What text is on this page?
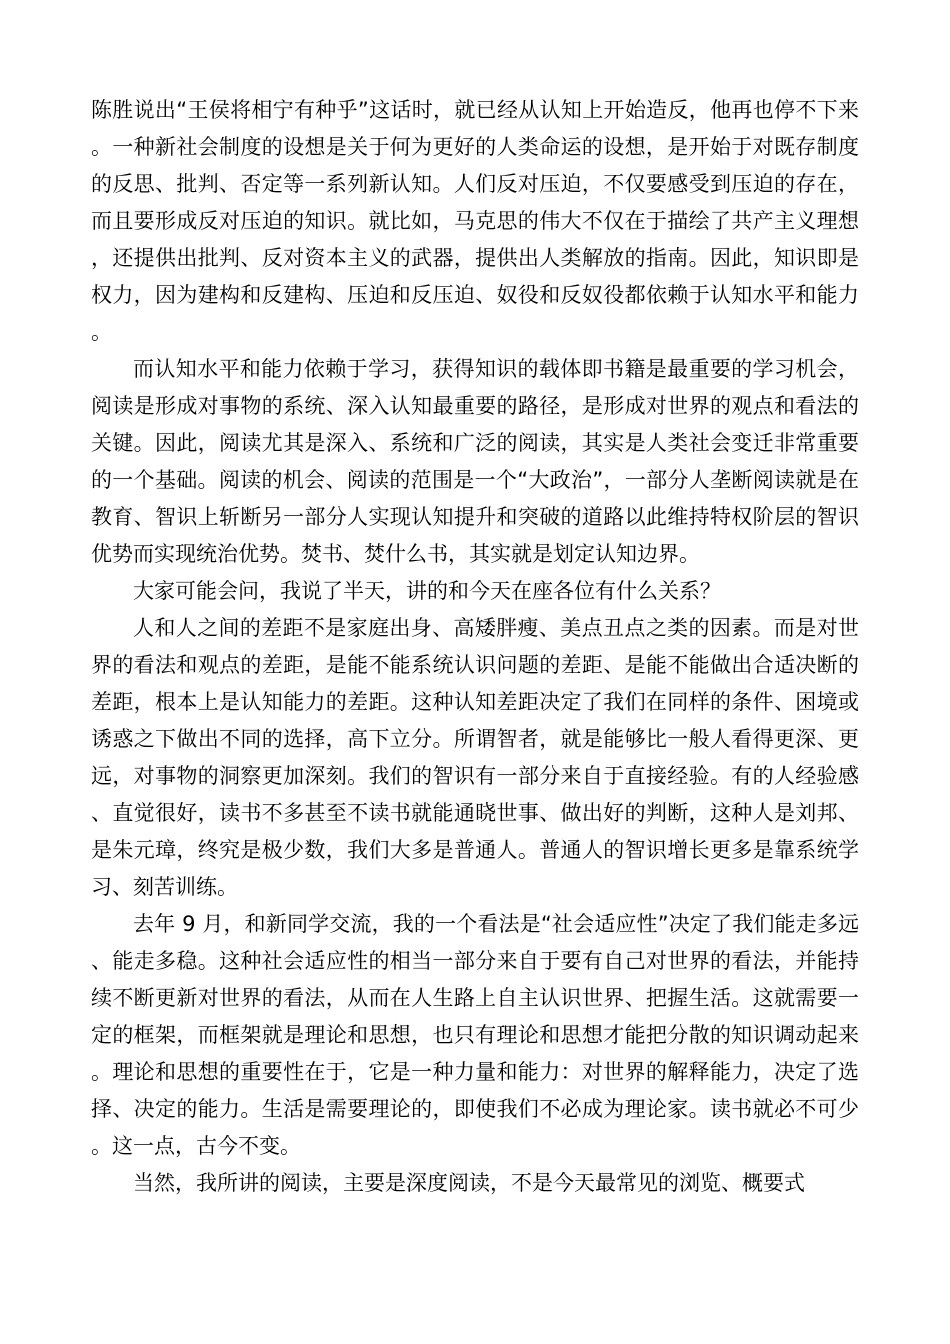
陈胜说出“王侯将相宁有种乎”这话时，就已经从认知上开始造反，他再也停不下来。一种新社会制度的设想是关于何为更好的人类命运的设想，是开始于对既存制度的反思、批判、否定等一系列新认知。人们反对压迫，不仅要感受到压迫的存在，而且要形成反对压迫的知识。就比如，马克思的伟大不仅在于描绘了共产主义理想，还提供出批判、反对资本主义的武器，提供出人类解放的指南。因此，知识即是权力，因为建构和反建构、压迫和反压迫、奴役和反奴役都依赖于认知水平和能力。

而认知水平和能力依赖于学习，获得知识的载体即书籍是最重要的学习机会，阅读是形成对事物的系统、深入认知最重要的路径，是形成对世界的观点和看法的关键。因此，阅读尤其是深入、系统和广泛的阅读，其实是人类社会变迁非常重要的一个基础。阅读的机会、阅读的范围是一个“大政治”，一部分人垄断阅读就是在教育、智识上斩断另一部分人实现认知提升和突破的道路以此维持特权阶层的智识优势而实现统治优势。焚书、焚什么书，其实就是划定认知边界。

大家可能会问，我说了半天，讲的和今天在座各位有什么关系？

人和人之间的差距不是家庭出身、高矮胖瘦、美点丑点之类的因素。而是对世界的看法和观点的差距，是能不能系统认识问题的差距、是能不能做出合适决断的差距，根本上是认知能力的差距。这种认知差距决定了我们在同样的条件、困境或诱惑之下做出不同的选择，高下立分。所谓智者，就是能够比一般人看得更深、更远，对事物的洞察更加深刻。我们的智识有一部分来自于直接经验。有的人经验感、直觉很好，读书不多甚至不读书就能通晓世事、做出好的判断，这种人是刘邦、是朱元璋，终究是极少数，我们大多是普通人。普通人的智识增长更多是靠系统学习、刻苦训练。

去年 9 月，和新同学交流，我的一个看法是“社会适应性”决定了我们能走多远、能走多稳。这种社会适应性的相当一部分来自于要有自己对世界的看法，并能持续不断更新对世界的看法，从而在人生路上自主认识世界、把握生活。这就需要一定的框架，而框架就是理论和思想，也只有理论和思想才能把分散的知识调动起来。理论和思想的重要性在于，它是一种力量和能力：对世界的解释能力，决定了选择、决定的能力。生活是需要理论的，即使我们不必成为理论家。读书就必不可少。这一点，古今不变。

当然，我所讲的阅读，主要是深度阅读，不是今天最常见的浏览、概要式
